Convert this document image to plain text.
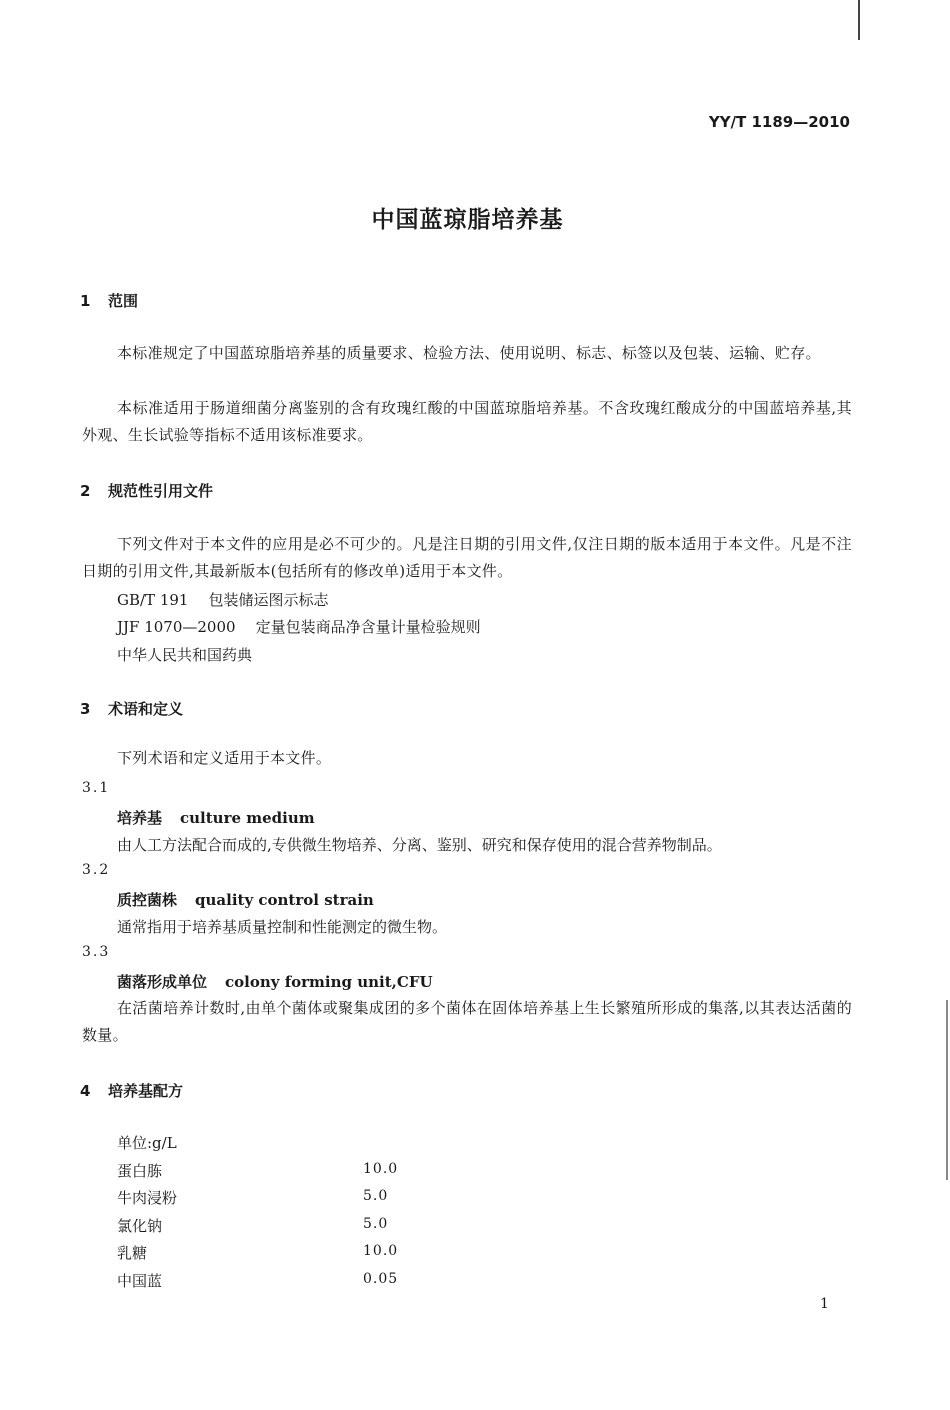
YY/T 1189—2010
中国蓝琼脂培养基
1 范围
本标准规定了中国蓝琼脂培养基的质量要求、检验方法、使用说明、标志、标签以及包装、运输、贮存。
本标准适用于肠道细菌分离鉴别的含有玫瑰红酸的中国蓝琼脂培养基。不含玫瑰红酸成分的中国蓝培养基,其外观、生长试验等指标不适用该标准要求。
2 规范性引用文件
下列文件对于本文件的应用是必不可少的。凡是注日期的引用文件,仅注日期的版本适用于本文件。凡是不注日期的引用文件,其最新版本(包括所有的修改单)适用于本文件。
GB/T 191 包装储运图示标志
JJF 1070—2000 定量包装商品净含量计量检验规则
中华人民共和国药典
3 术语和定义
下列术语和定义适用于本文件。
3.1
培养基 culture medium
由人工方法配合而成的,专供微生物培养、分离、鉴别、研究和保存使用的混合营养物制品。
3.2
质控菌株 quality control strain
通常指用于培养基质量控制和性能测定的微生物。
3.3
菌落形成单位 colony forming unit,CFU
在活菌培养计数时,由单个菌体或聚集成团的多个菌体在固体培养基上生长繁殖所形成的集落,以其表达活菌的数量。
4 培养基配方
单位:g/L
蛋白胨	10.0
牛肉浸粉	5.0
氯化钠	5.0
乳糖	10.0
中国蓝	0.05
1
